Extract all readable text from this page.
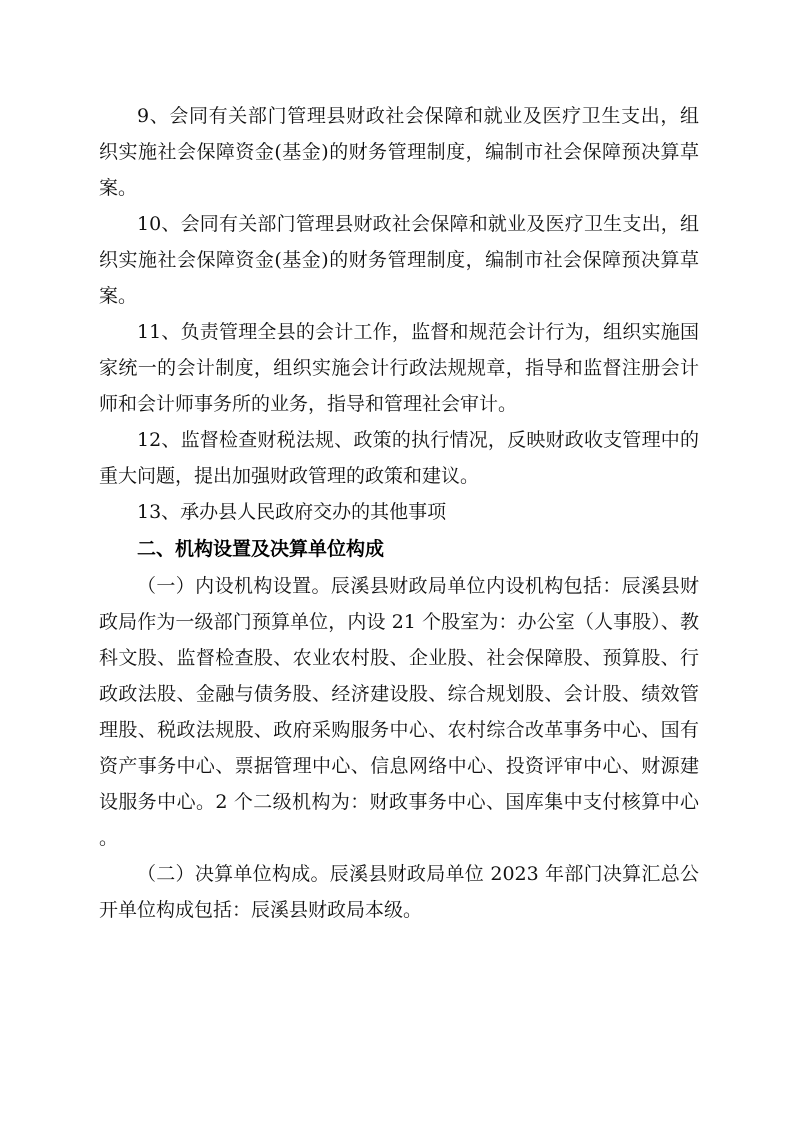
9、会同有关部门管理县财政社会保障和就业及医疗卫生支出，组织实施社会保障资金(基金)的财务管理制度，编制市社会保障预决算草案。

10、会同有关部门管理县财政社会保障和就业及医疗卫生支出，组织实施社会保障资金(基金)的财务管理制度，编制市社会保障预决算草案。

11、负责管理全县的会计工作，监督和规范会计行为，组织实施国家统一的会计制度，组织实施会计行政法规规章，指导和监督注册会计师和会计师事务所的业务，指导和管理社会审计。

12、监督检查财税法规、政策的执行情况，反映财政收支管理中的重大问题，提出加强财政管理的政策和建议。

13、承办县人民政府交办的其他事项

二、机构设置及决算单位构成

（一）内设机构设置。辰溪县财政局单位内设机构包括：辰溪县财政局作为一级部门预算单位，内设 21 个股室为：办公室（人事股）、教科文股、监督检查股、农业农村股、企业股、社会保障股、预算股、行政政法股、金融与债务股、经济建设股、综合规划股、会计股、绩效管理股、税政法规股、政府采购服务中心、农村综合改革事务中心、国有资产事务中心、票据管理中心、信息网络中心、投资评审中心、财源建设服务中心。2 个二级机构为：财政事务中心、国库集中支付核算中心。

（二）决算单位构成。辰溪县财政局单位 2023 年部门决算汇总公开单位构成包括：辰溪县财政局本级。
